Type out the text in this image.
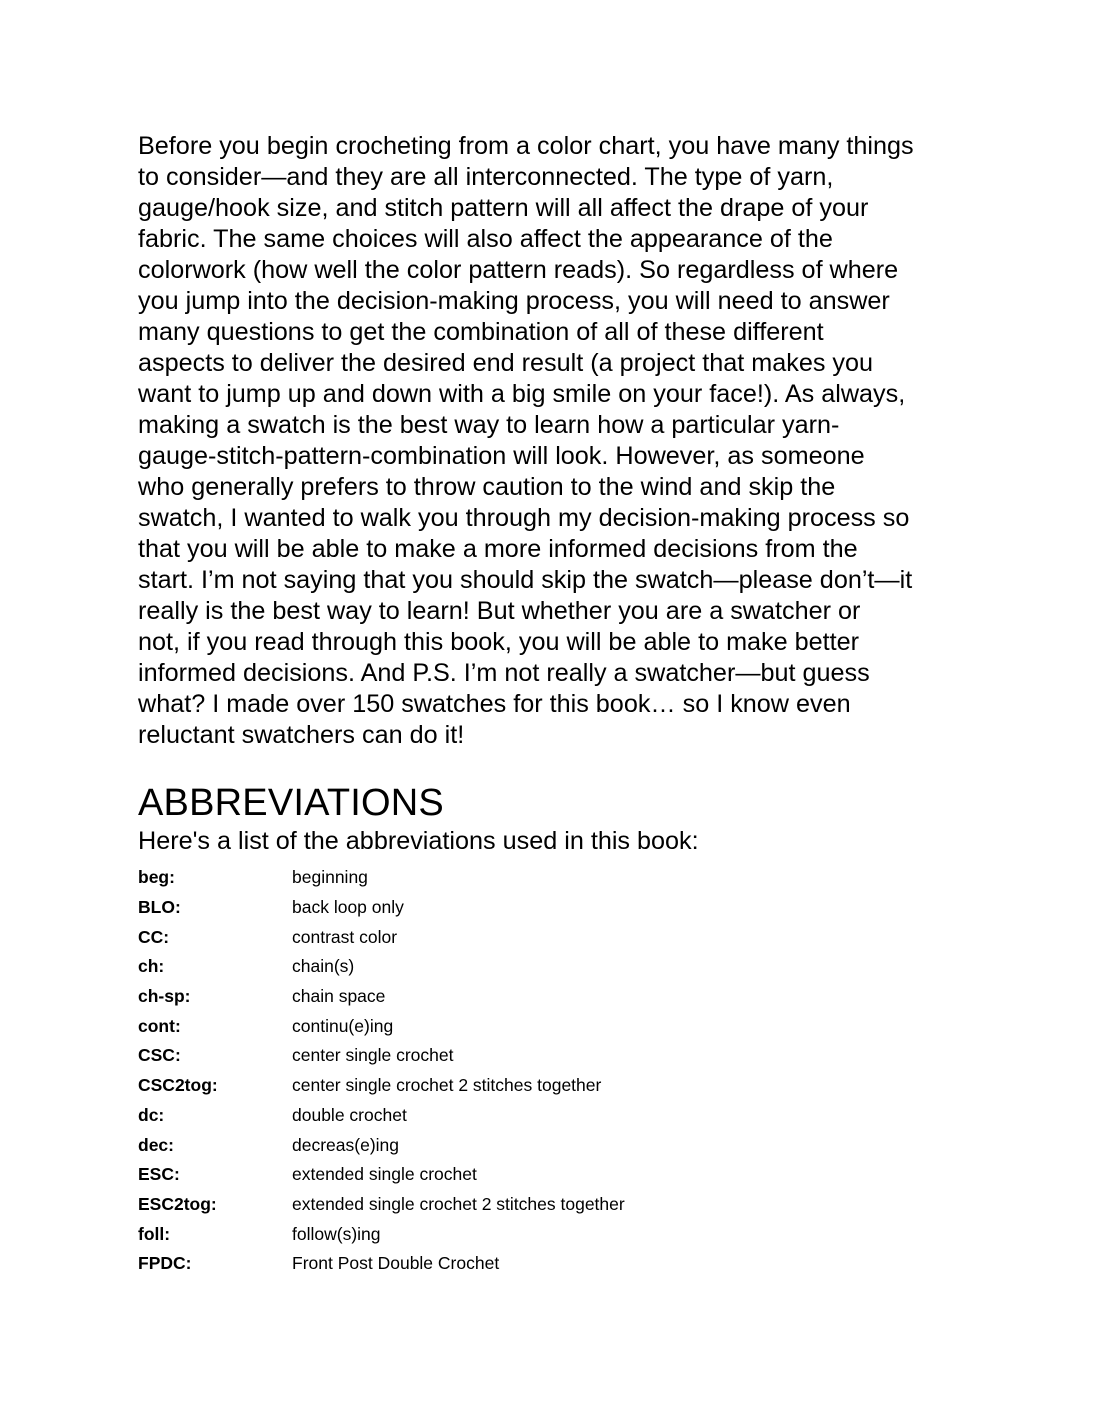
Before you begin crocheting from a color chart, you have many things
to consider—and they are all interconnected. The type of yarn,
gauge/hook size, and stitch pattern will all affect the drape of your
fabric. The same choices will also affect the appearance of the
colorwork (how well the color pattern reads). So regardless of where
you jump into the decision-making process, you will need to answer
many questions to get the combination of all of these different
aspects to deliver the desired end result (a project that makes you
want to jump up and down with a big smile on your face!). As always,
making a swatch is the best way to learn how a particular yarn-
gauge-stitch-pattern-combination will look. However, as someone
who generally prefers to throw caution to the wind and skip the
swatch, I wanted to walk you through my decision-making process so
that you will be able to make a more informed decisions from the
start. I’m not saying that you should skip the swatch—please don’t—it
really is the best way to learn! But whether you are a swatcher or
not, if you read through this book, you will be able to make better
informed decisions. And P.S. I’m not really a swatcher—but guess
what? I made over 150 swatches for this book… so I know even
reluctant swatchers can do it!

ABBREVIATIONS
Here's a list of the abbreviations used in this book:
beg:	beginning
BLO:	back loop only
CC:	contrast color
ch:	chain(s)
ch-sp:	chain space
cont:	continu(e)ing
CSC:	center single crochet
CSC2tog:	center single crochet 2 stitches together
dc:	double crochet
dec:	decreas(e)ing
ESC:	extended single crochet
ESC2tog:	extended single crochet 2 stitches together
foll:	follow(s)ing
FPDC:	Front Post Double Crochet
